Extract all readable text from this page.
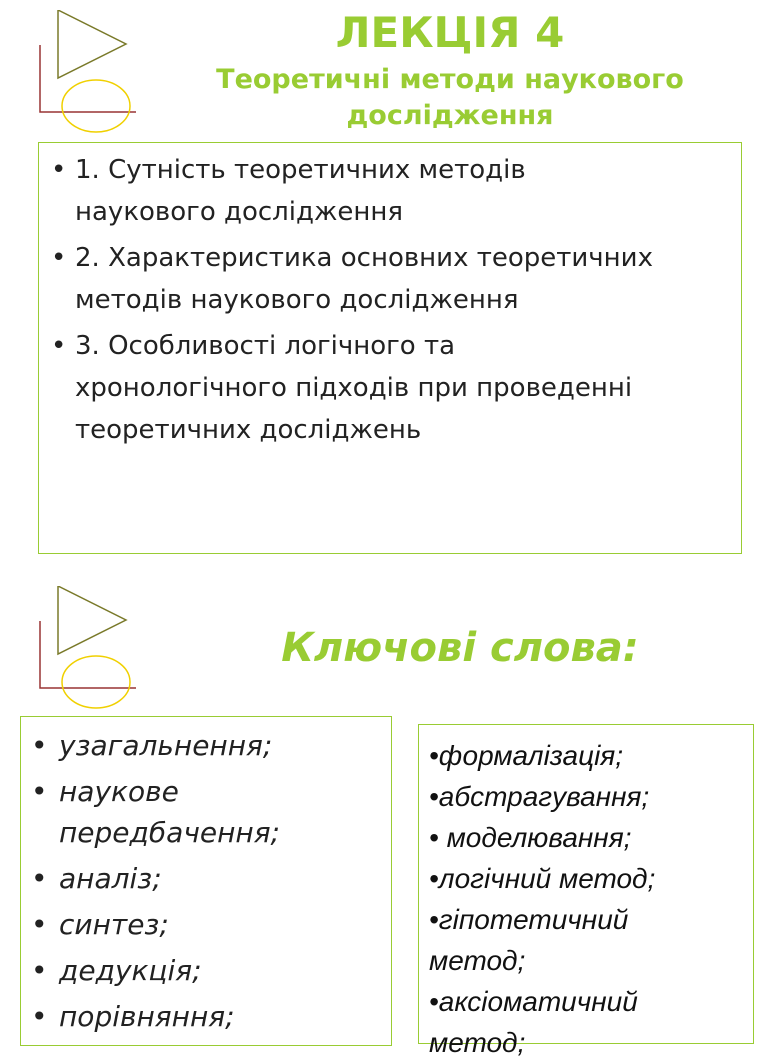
ЛЕКЦІЯ 4
Теоретичні методи наукового
дослідження
• 1. Сутність теоретичних методів
наукового дослідження
• 2. Характеристика основних теоретичних
методів наукового дослідження
• 3. Особливості логічного та
хронологічного підходів при проведенні
теоретичних досліджень
Ключові слова:
• узагальнення;
• наукове
передбачення;
• аналіз;
• синтез;
• дедукція;
• порівняння;
•формалізація;
•абстрагування;
• моделювання;
•логічний метод;
•гіпотетичний
метод;
•аксіоматичний
метод;
